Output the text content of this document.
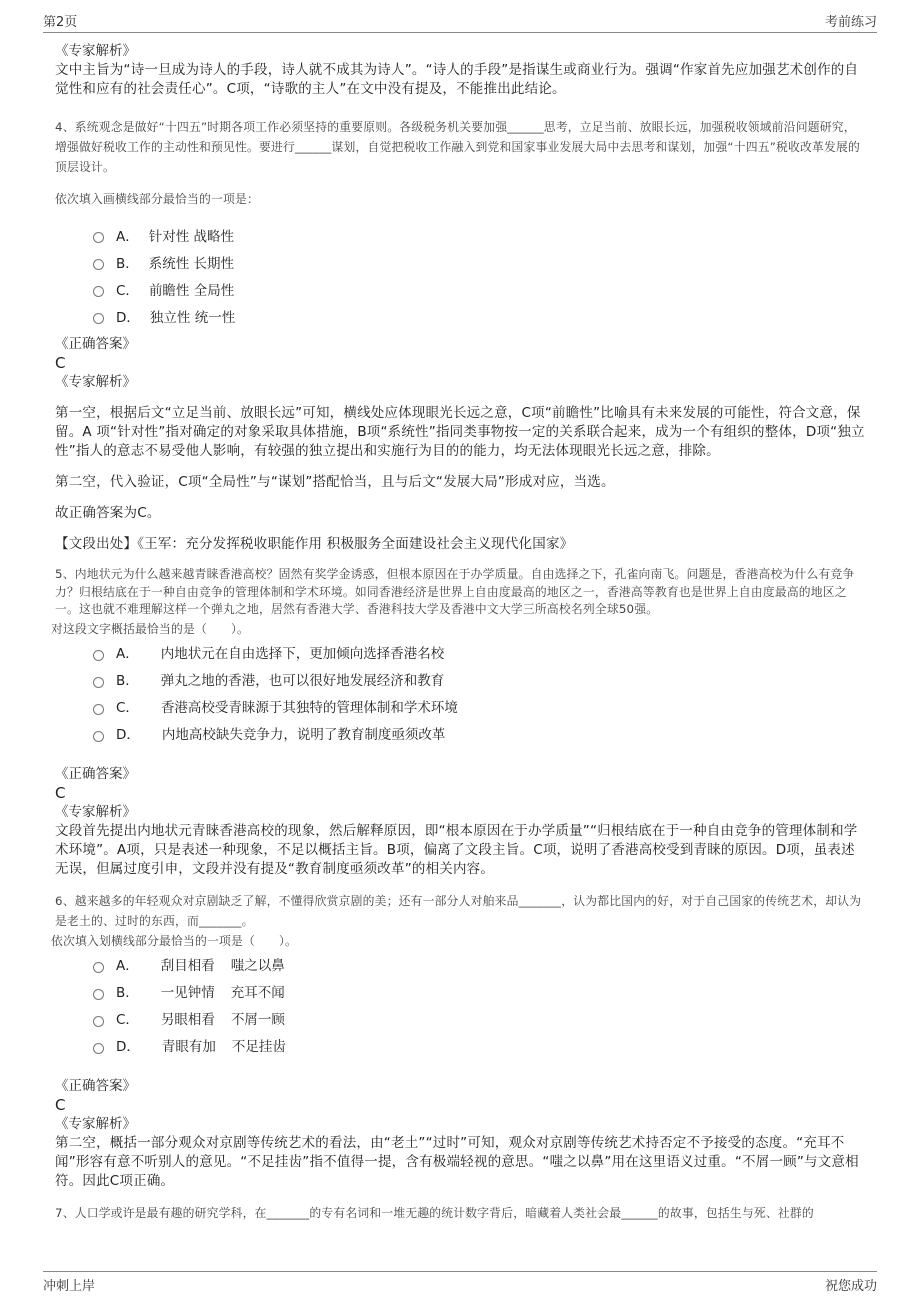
第2页	考前练习

《专家解析》

文中主旨为“诗一旦成为诗人的手段，诗人就不成其为诗人”。“诗人的手段”是指谋生或商业行为。强调“作家首先应加强艺术创作的自觉性和应有的社会责任心”。C项，“诗歌的主人”在文中没有提及，不能推出此结论。

4、系统观念是做好“十四五”时期各项工作必须坚持的重要原则。各级税务机关要加强______思考，立足当前、放眼长远，加强税收领域前沿问题研究，增强做好税收工作的主动性和预见性。要进行______谋划，自觉把税收工作融入到党和国家事业发展大局中去思考和谋划，加强“十四五”税收改革发展的顶层设计。

依次填入画横线部分最恰当的一项是：

A． 针对性 战略性
B． 系统性 长期性
C． 前瞻性 全局性
D． 独立性 统一性

《正确答案》

C

《专家解析》

第一空，根据后文“立足当前、放眼长远”可知，横线处应体现眼光长远之意，C项“前瞻性”比喻具有未来发展的可能性，符合文意，保留。A 项“针对性”指对确定的对象采取具体措施，B项“系统性”指同类事物按一定的关系联合起来，成为一个有组织的整体，D项“独立性”指人的意志不易受他人影响，有较强的独立提出和实施行为目的的能力，均无法体现眼光长远之意，排除。

第二空，代入验证，C项“全局性”与“谋划”搭配恰当，且与后文“发展大局”形成对应，当选。

故正确答案为C。

【文段出处】《王军：充分发挥税收职能作用 积极服务全面建设社会主义现代化国家》

5、内地状元为什么越来越青睐香港高校？固然有奖学金诱惑，但根本原因在于办学质量。自由选择之下，孔雀向南飞。问题是，香港高校为什么有竞争力？归根结底在于一种自由竞争的管理体制和学术环境。如同香港经济是世界上自由度最高的地区之一，香港高等教育也是世界上自由度最高的地区之一。这也就不难理解这样一个弹丸之地，居然有香港大学、香港科技大学及香港中文大学三所高校名列全球50强。

对这段文字概括最恰当的是（　　）。

A． 内地状元在自由选择下，更加倾向选择香港名校
B． 弹丸之地的香港，也可以很好地发展经济和教育
C． 香港高校受青睐源于其独特的管理体制和学术环境
D． 内地高校缺失竞争力，说明了教育制度亟须改革

《正确答案》

C

《专家解析》

文段首先提出内地状元青睐香港高校的现象，然后解释原因，即“根本原因在于办学质量”“归根结底在于一种自由竞争的管理体制和学术环境”。A项，只是表述一种现象，不足以概括主旨。B项，偏离了文段主旨。C项，说明了香港高校受到青睐的原因。D项，虽表述无误，但属过度引申，文段并没有提及“教育制度亟须改革”的相关内容。

6、越来越多的年轻观众对京剧缺乏了解，不懂得欣赏京剧的美；还有一部分人对舶来品_______，认为都比国内的好，对于自己国家的传统艺术，却认为是老土的、过时的东西，而_______。

依次填入划横线部分最恰当的一项是（　　）。

A． 刮目相看 嗤之以鼻
B． 一见钟情 充耳不闻
C． 另眼相看 不屑一顾
D． 青眼有加 不足挂齿

《正确答案》

C

《专家解析》

第二空，概括一部分观众对京剧等传统艺术的看法，由“老土”“过时”可知，观众对京剧等传统艺术持否定不予接受的态度。“充耳不闻”形容有意不听别人的意见。“不足挂齿”指不值得一提，含有极端轻视的意思。“嗤之以鼻”用在这里语义过重。“不屑一顾”与文意相符。因此C项正确。

7、人口学或许是最有趣的研究学科，在_______的专有名词和一堆无趣的统计数字背后，暗藏着人类社会最______的故事，包括生与死、社群的

冲刺上岸	祝您成功
